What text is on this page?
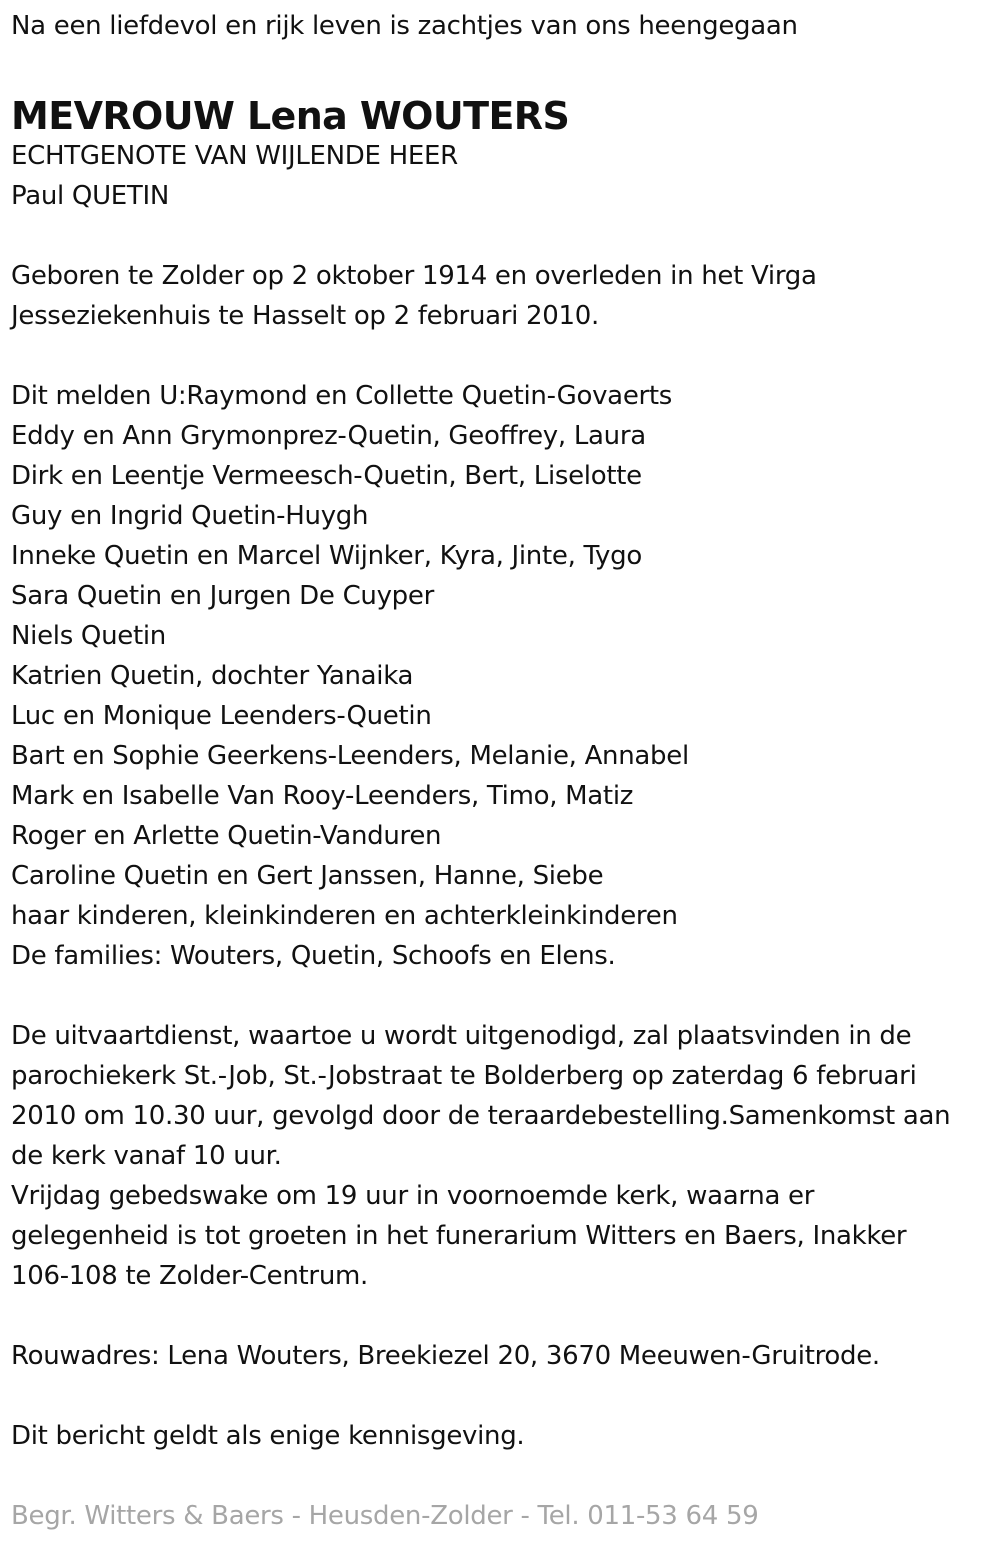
Na een liefdevol en rijk leven is zachtjes van ons heengegaan
MEVROUW Lena WOUTERS
ECHTGENOTE VAN WIJLENDE HEER
Paul QUETIN
Geboren te Zolder op 2 oktober 1914 en overleden in het Virga
Jesseziekenhuis te Hasselt op 2 februari 2010.
Dit melden U:Raymond en Collette Quetin-Govaerts
Eddy en Ann Grymonprez-Quetin, Geoffrey, Laura
Dirk en Leentje Vermeesch-Quetin, Bert, Liselotte
Guy en Ingrid Quetin-Huygh
Inneke Quetin en Marcel Wijnker, Kyra, Jinte, Tygo
Sara Quetin en Jurgen De Cuyper
Niels Quetin
Katrien Quetin, dochter Yanaika
Luc en Monique Leenders-Quetin
Bart en Sophie Geerkens-Leenders, Melanie, Annabel
Mark en Isabelle Van Rooy-Leenders, Timo, Matiz
Roger en Arlette Quetin-Vanduren
Caroline Quetin en Gert Janssen, Hanne, Siebe
haar kinderen, kleinkinderen en achterkleinkinderen
De families: Wouters, Quetin, Schoofs en Elens.
De uitvaartdienst, waartoe u wordt uitgenodigd, zal plaatsvinden in de
parochiekerk St.-Job, St.-Jobstraat te Bolderberg op zaterdag 6 februari
2010 om 10.30 uur, gevolgd door de teraardebestelling.Samenkomst aan
de kerk vanaf 10 uur.
Vrijdag gebedswake om 19 uur in voornoemde kerk, waarna er
gelegenheid is tot groeten in het funerarium Witters en Baers, Inakker
106-108 te Zolder-Centrum.
Rouwadres: Lena Wouters, Breekiezel 20, 3670 Meeuwen-Gruitrode.
Dit bericht geldt als enige kennisgeving.
Begr. Witters & Baers - Heusden-Zolder - Tel. 011-53 64 59
